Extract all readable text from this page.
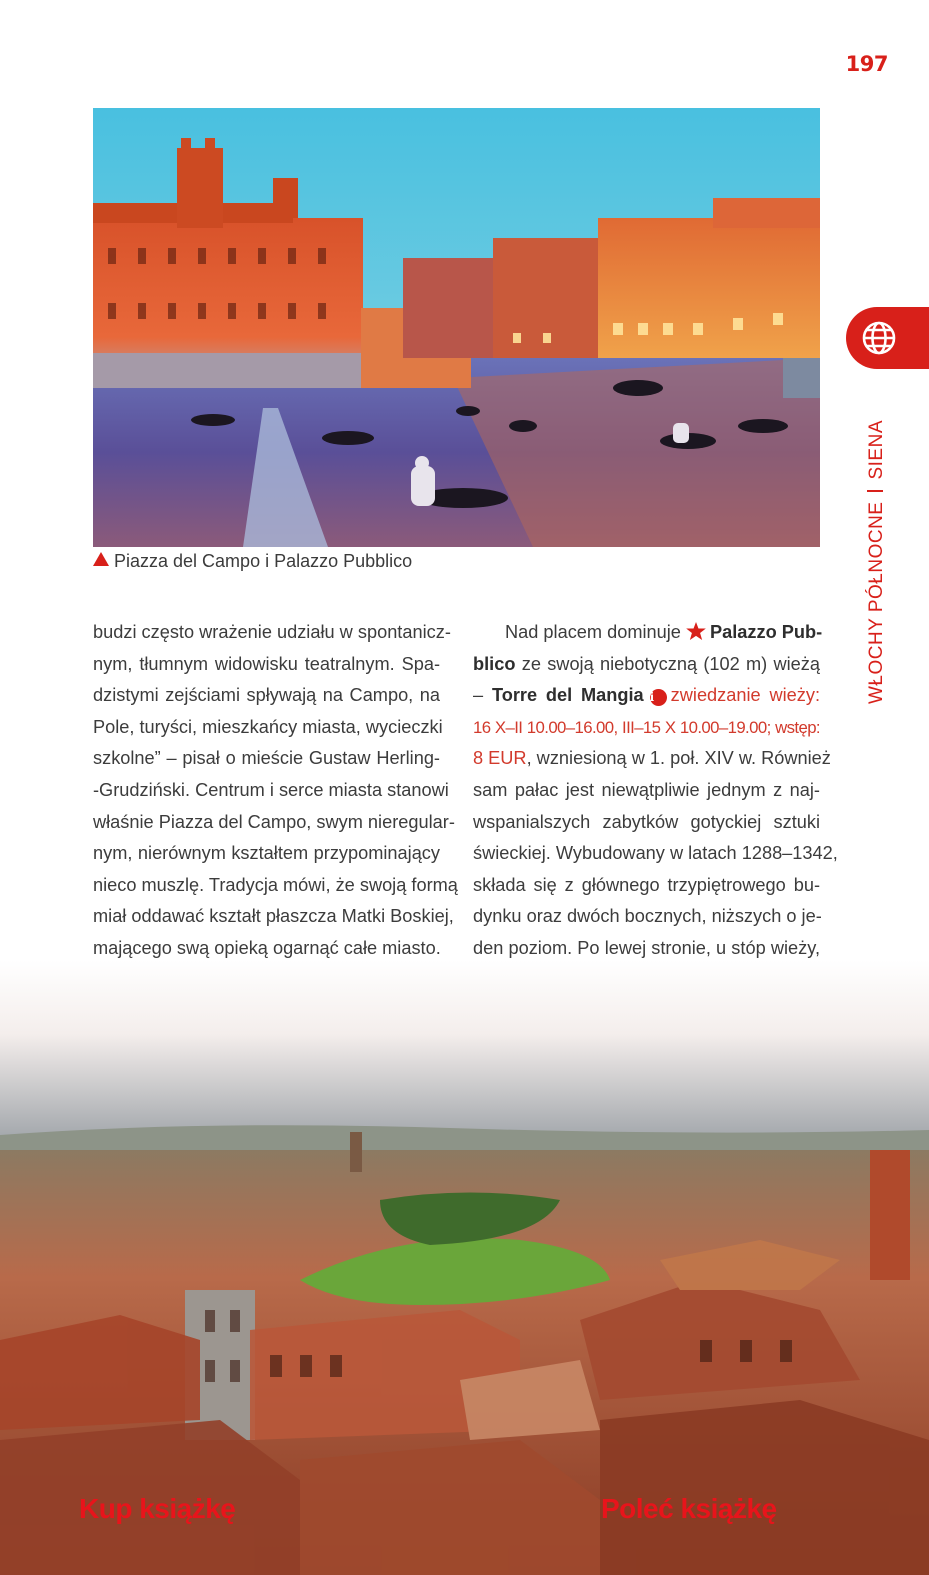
197
Piazza del Campo i Palazzo Pubblico
budzi często wrażenie udziału w spontanicz-
nym, tłumnym widowisku teatralnym. Spa-
dzistymi zejściami spływają na Campo, na
Pole, turyści, mieszkańcy miasta, wycieczki
szkolne” – pisał o mieście Gustaw Herling-
-Grudziński. Centrum i serce miasta stanowi
właśnie Piazza del Campo, swym nieregular-
nym, nierównym kształtem przypominający
nieco muszlę. Tradycja mówi, że swoją formą
miał oddawać kształt płaszcza Matki Boskiej,
mającego swą opieką ogarnąć całe miasto.
Nad placem dominuje Palazzo Pub-
blico ze swoją niebotyczną (102 m) wieżą
– Torre del Mangia i zwiedzanie wieży:
16 X–II 10.00–16.00, III–15 X 10.00–19.00; wstęp:
8 EUR, wzniesioną w 1. poł. XIV w. Również
sam pałac jest niewątpliwie jednym z naj-
wspanialszych zabytków gotyckiej sztuki
świeckiej. Wybudowany w latach 1288–1342,
składa się z głównego trzypiętrowego bu-
dynku oraz dwóch bocznych, niższych o je-
den poziom. Po lewej stronie, u stóp wieży,
WŁOCHY PÓŁNOCNESIENA
Kup książkę	Poleć książkę
